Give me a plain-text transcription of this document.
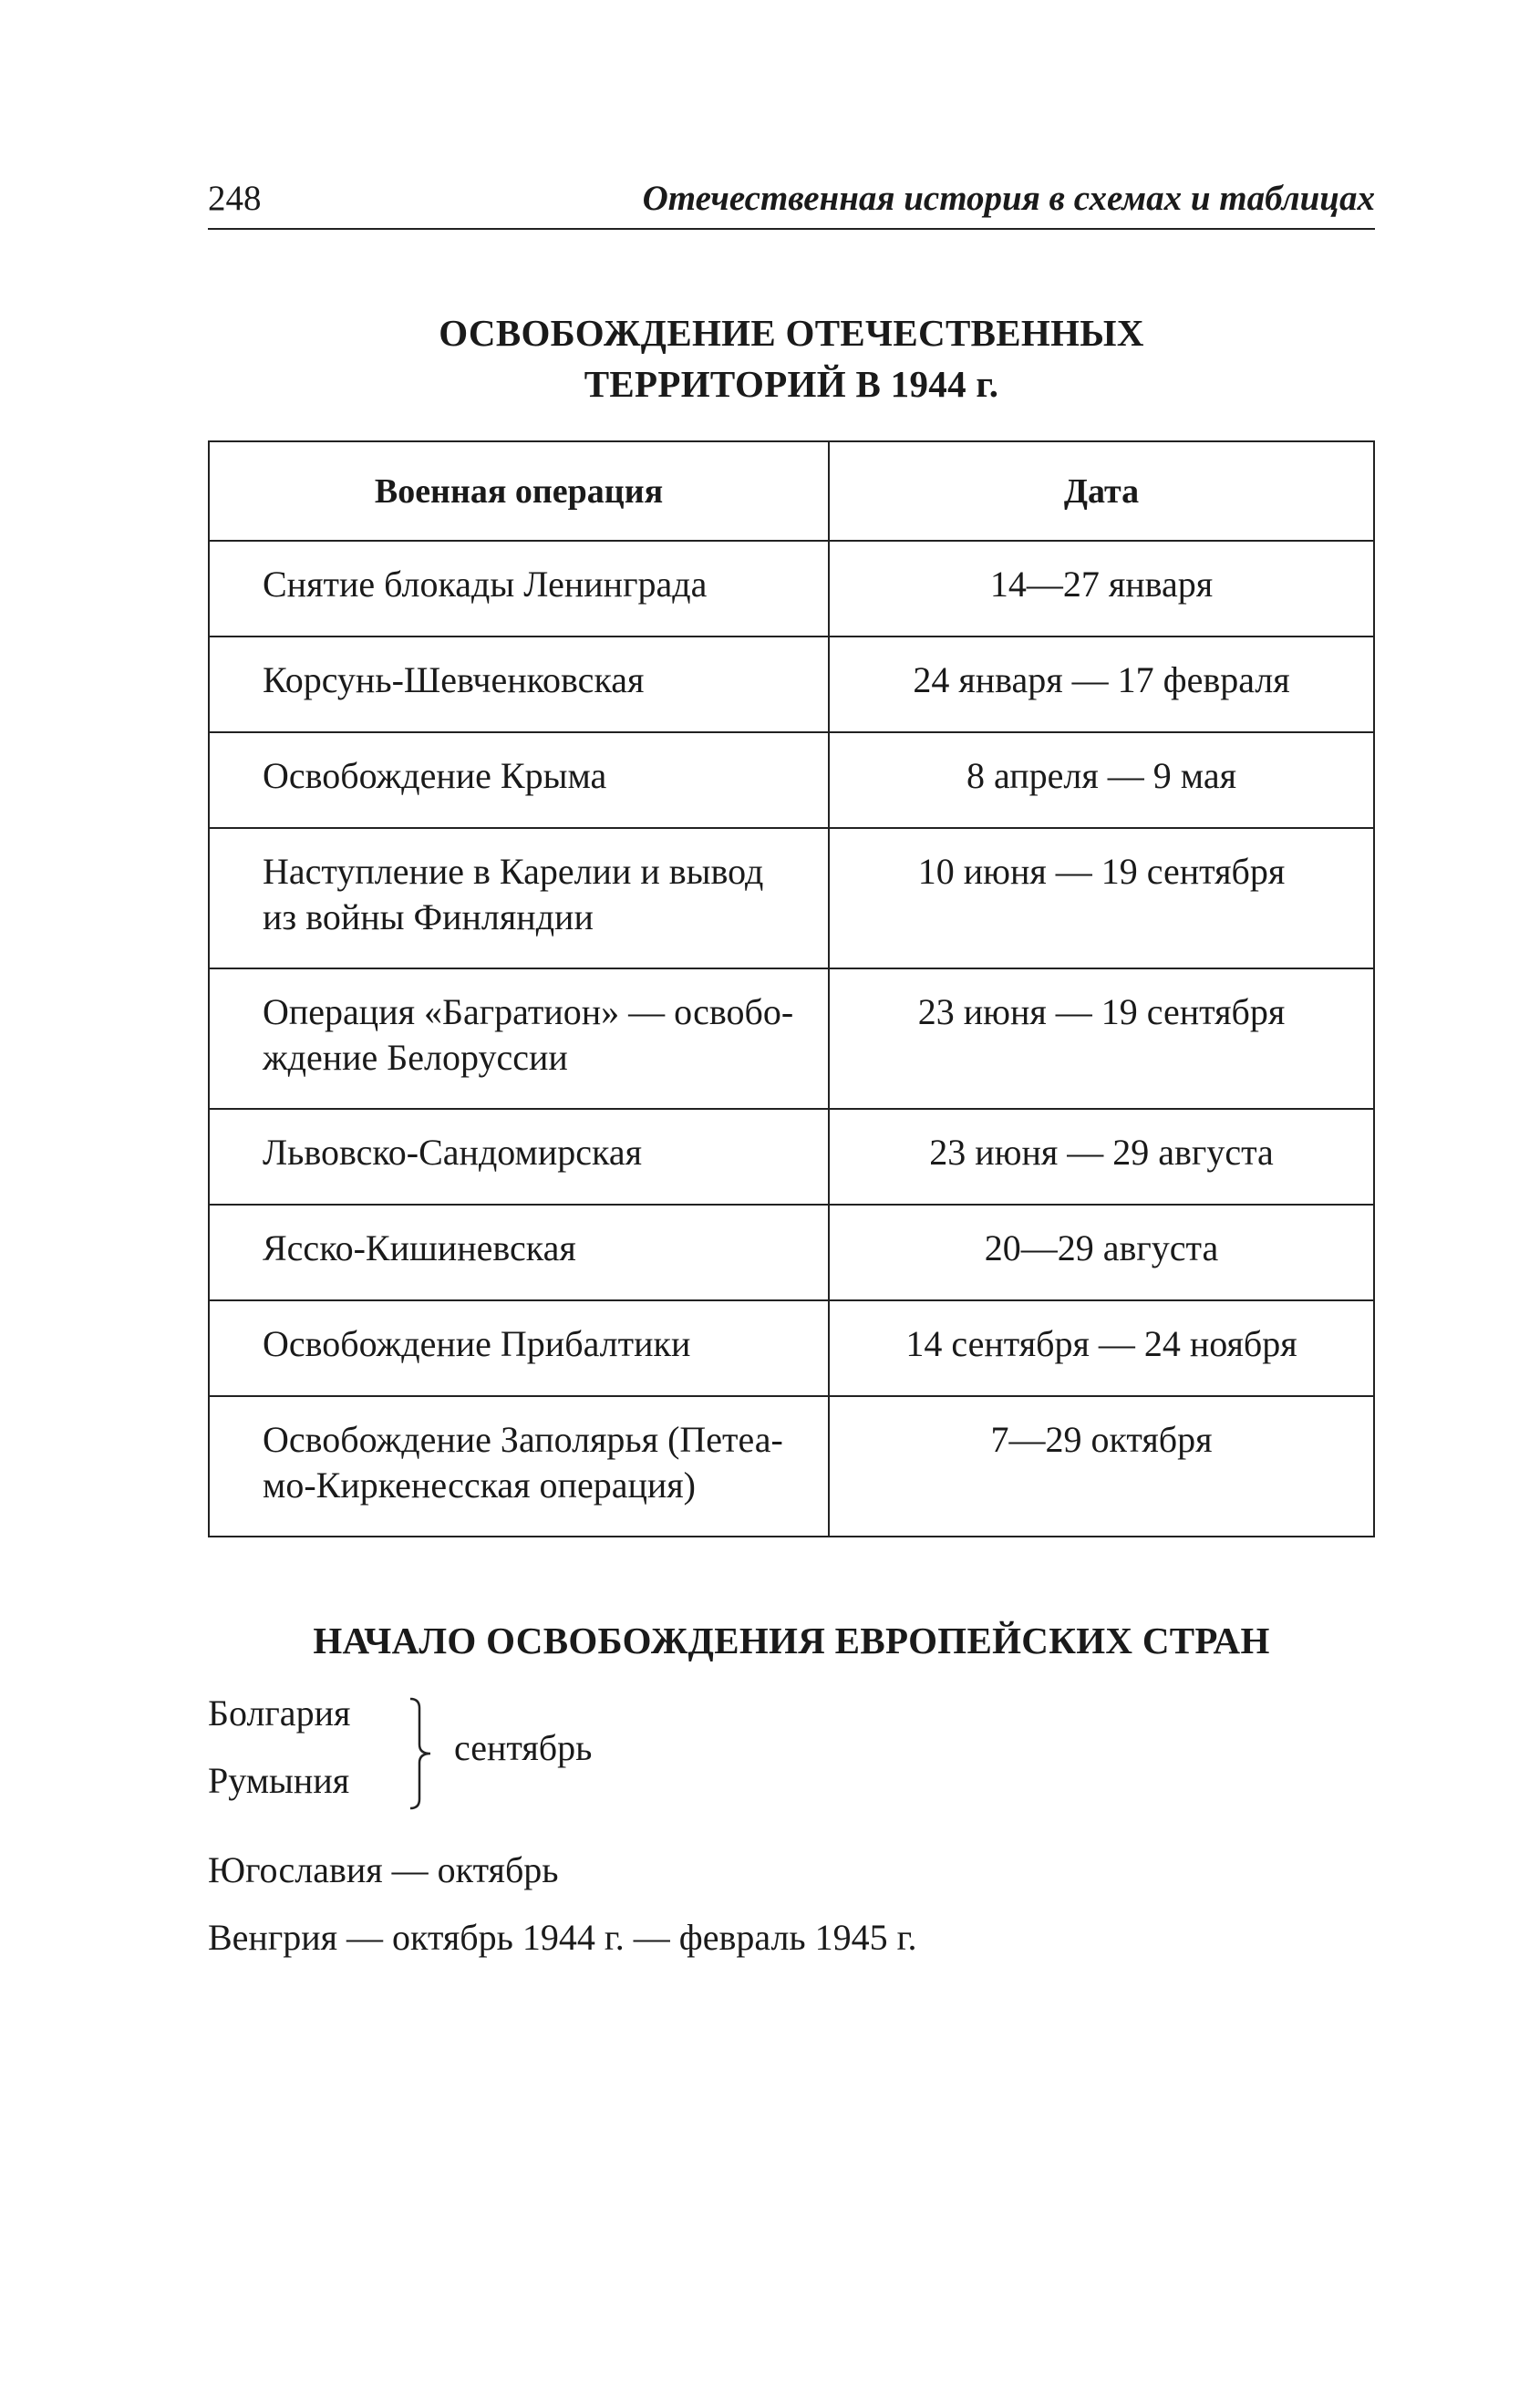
248	Отечественная история в схемах и таблицах
ОСВОБОЖДЕНИЕ ОТЕЧЕСТВЕННЫХ
ТЕРРИТОРИЙ В 1944 г.
Военная операция	Дата
Снятие блокады Ленинграда	14—27 января
Корсунь-Шевченковская	24 января — 17 февраля
Освобождение Крыма	8 апреля — 9 мая

Наступление в Карелии и вывод
из войны Финляндии	10 июня — 19 сентября

Операция «Багратион» — освобо-
ждение Белоруссии	23 июня — 19 сентября
Львовско-Сандомирская	23 июня — 29 августа
Ясско-Кишиневская	20—29 августа
Освобождение Прибалтики	14 сентября — 24 ноября

Освобождение Заполярья (Петеа-
мо-Киркенесская операция)	7—29 октября
НАЧАЛО ОСВОБОЖДЕНИЯ ЕВРОПЕЙСКИХ СТРАН
Болгария
Румыния
сентябрь
Югославия — октябрь
Венгрия — октябрь 1944 г. — февраль 1945 г.
